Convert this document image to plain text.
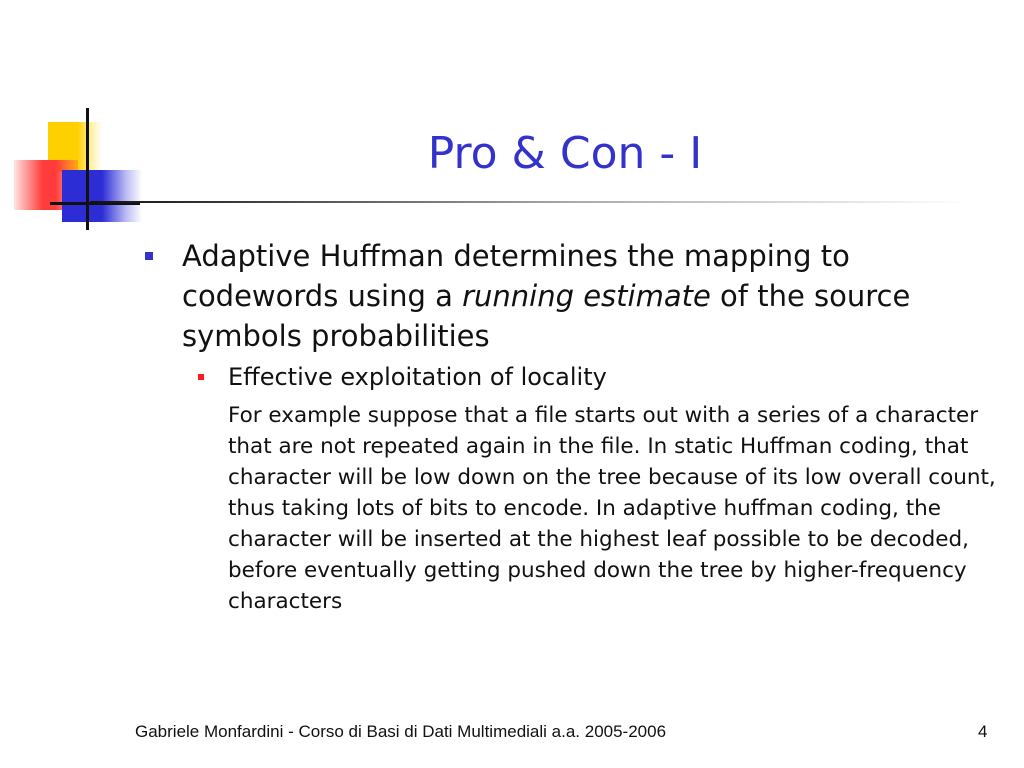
Pro & Con - I
Adaptive Huffman determines the mapping to codewords using a running estimate of the source symbols probabilities
Effective exploitation of locality
For example suppose that a file starts out with a series of a character that are not repeated again in the file. In static Huffman coding, that character will be low down on the tree because of its low overall count, thus taking lots of bits to encode. In adaptive huffman coding, the character will be inserted at the highest leaf possible to be decoded, before eventually getting pushed down the tree by higher-frequency characters
Gabriele Monfardini - Corso di Basi di Dati Multimediali a.a. 2005-2006	4
